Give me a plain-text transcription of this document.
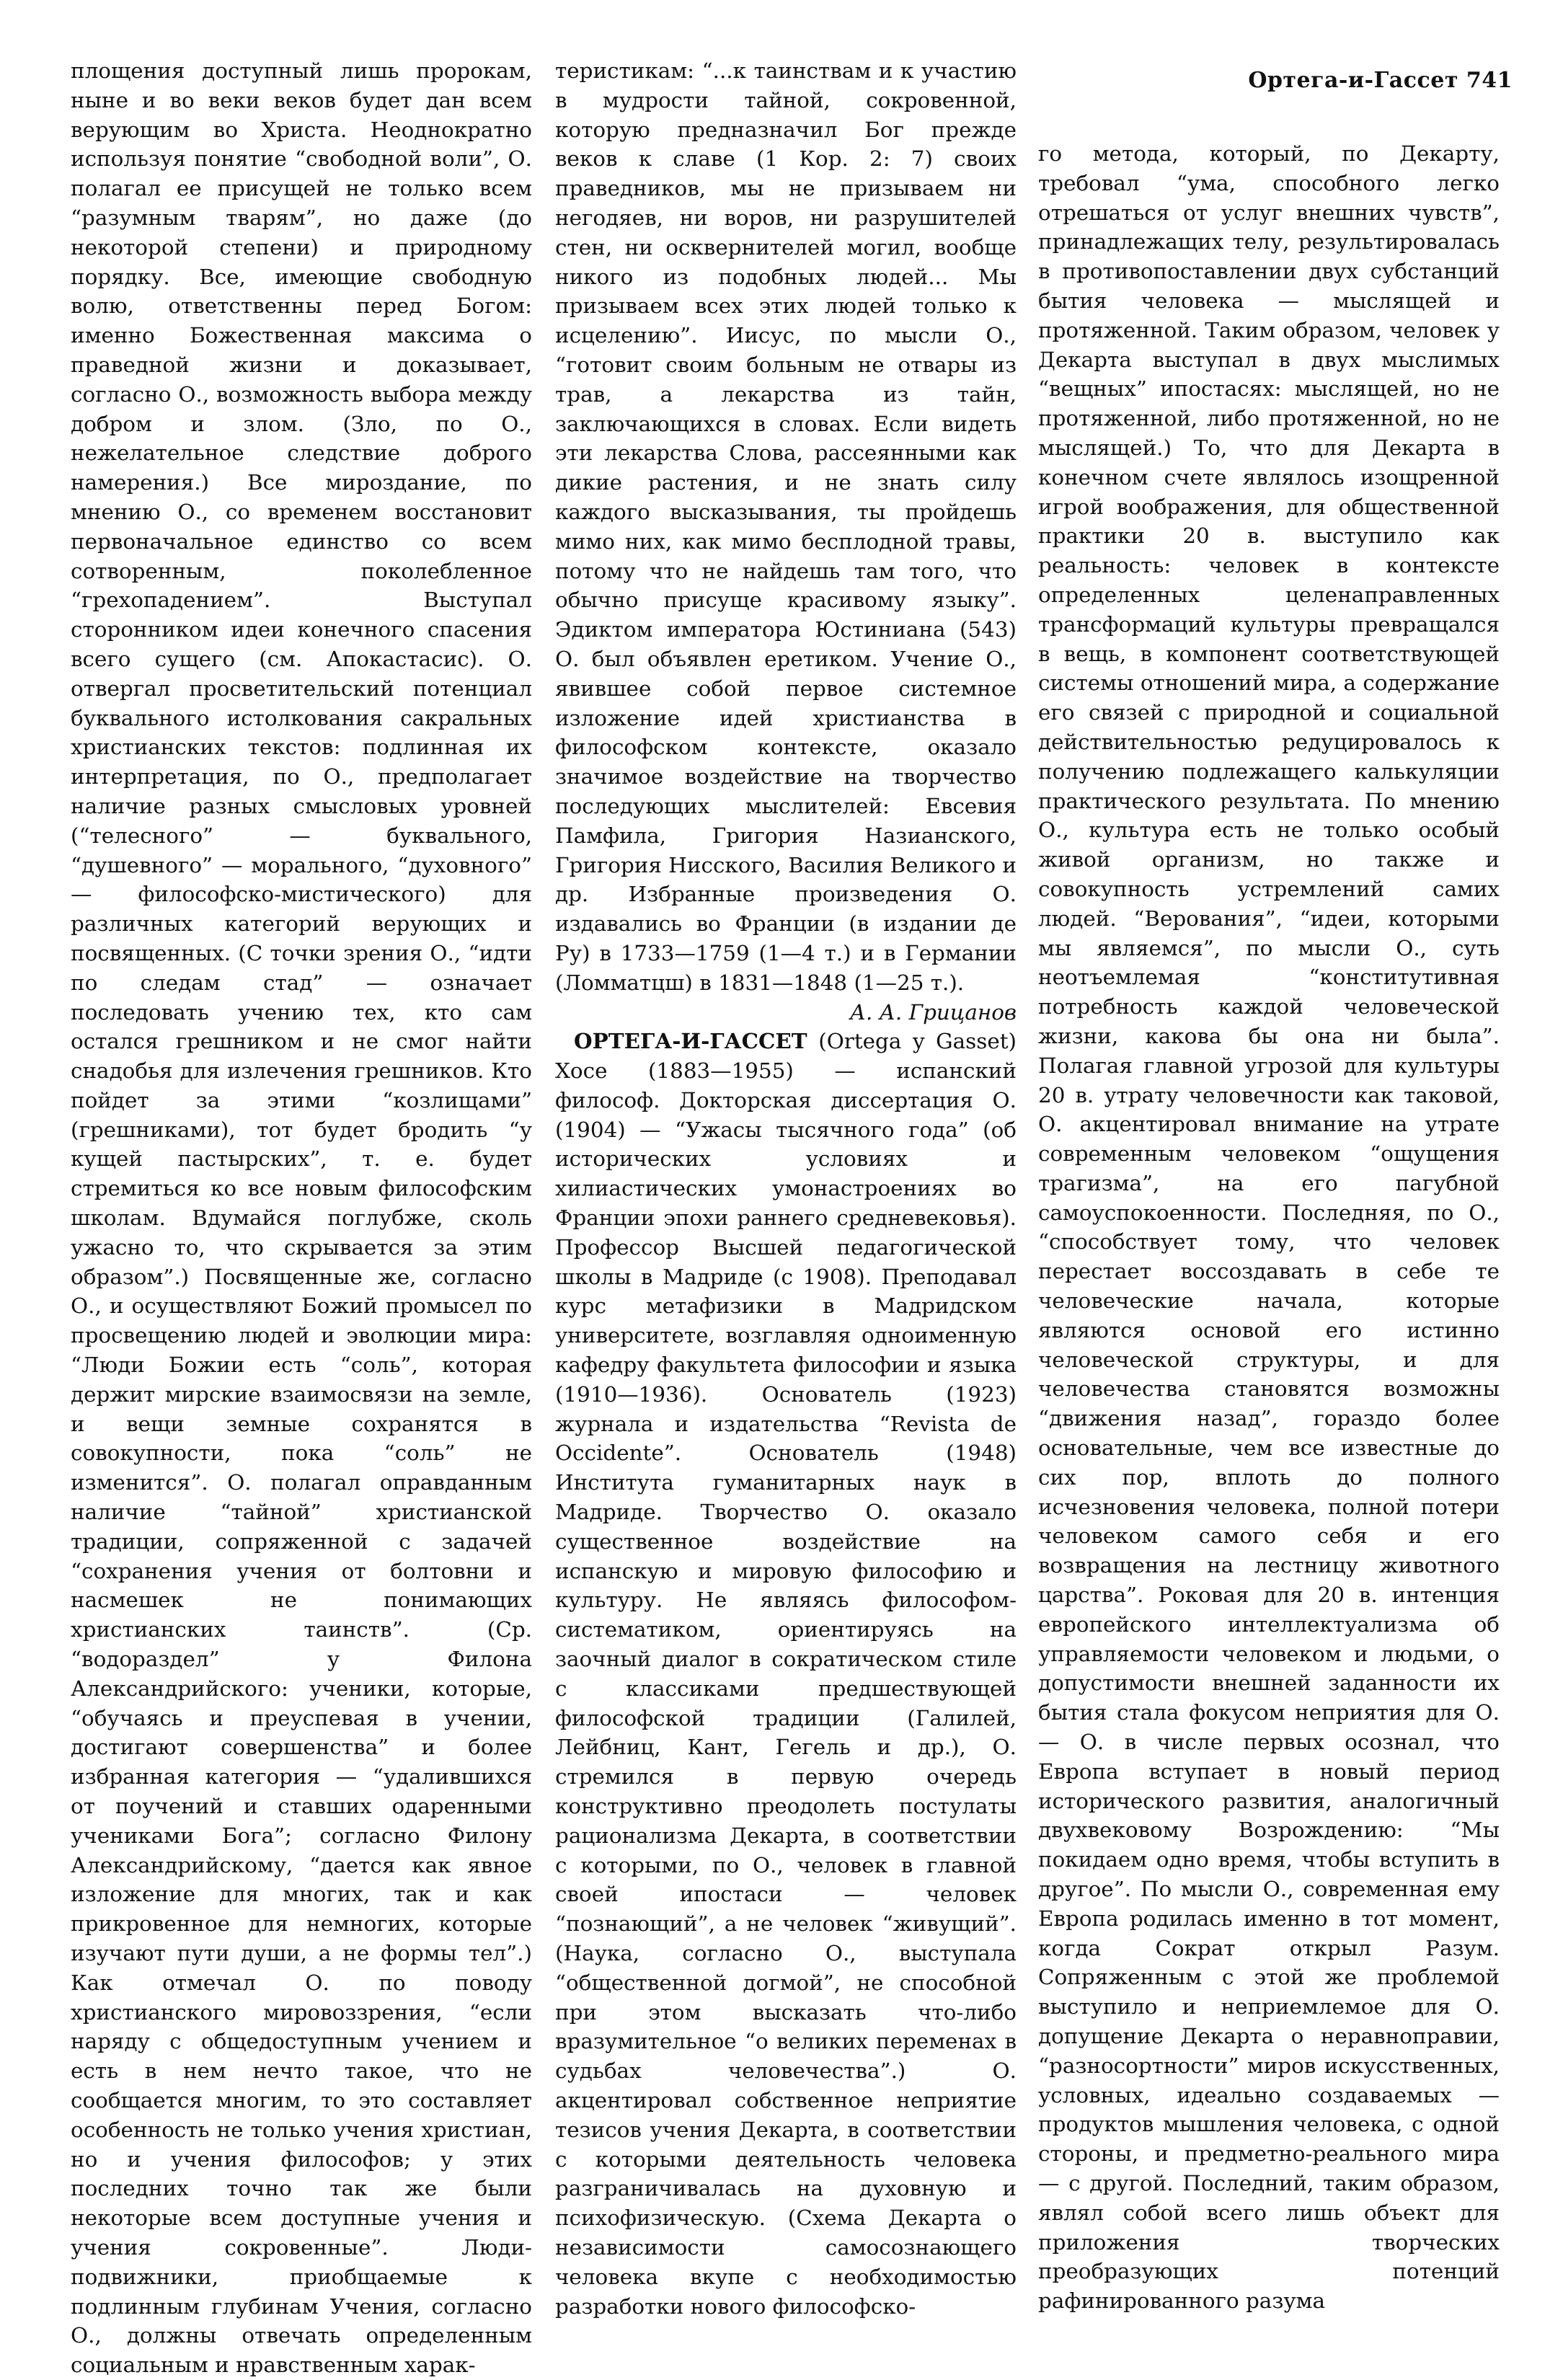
Ортега-и-Гассет 741

площения доступный лишь пророкам, ныне и во веки веков будет дан всем верующим во Христа. Неоднократно используя понятие “свободной воли”, О. полагал ее присущей не только всем “разумным тварям”, но даже (до некоторой степени) и природному порядку. Все, имеющие свободную волю, ответственны перед Богом: именно Божественная максима о праведной жизни и доказывает, согласно О., возможность выбора между добром и злом. (Зло, по О., нежелательное следствие доброго намерения.) Все мироздание, по мнению О., со временем восстановит первоначальное единство со всем сотворенным, поколебленное “грехопадением”. Выступал сторонником идеи конечного спасения всего сущего (см. Апокастасис). О. отвергал просветительский потенциал буквального истолкования сакральных христианских текстов: подлинная их интерпретация, по О., предполагает наличие разных смысловых уровней (“телесного” — буквального, “душевного” — морального, “духовного” — философско-мистического) для различных категорий верующих и посвященных. (С точки зрения О., “идти по следам стад” — означает последовать учению тех, кто сам остался грешником и не смог найти снадобья для излечения грешников. Кто пойдет за этими “козлищами” (грешниками), тот будет бродить “у кущей пастырских”, т. е. будет стремиться ко все новым философским школам. Вдумайся поглубже, сколь ужасно то, что скрывается за этим образом”.) Посвященные же, согласно О., и осуществляют Божий промысел по просвещению людей и эволюции мира: “Люди Божии есть “соль”, которая держит мирские взаимосвязи на земле, и вещи земные сохранятся в совокупности, пока “соль” не изменится”. О. полагал оправданным наличие “тайной” христианской традиции, сопряженной с задачей “сохранения учения от болтовни и насмешек не понимающих христианских таинств”. (Ср. “водораздел” у Филона Александрийского: ученики, которые, “обучаясь и преуспевая в учении, достигают совершенства” и более избранная категория — “удалившихся от поучений и ставших одаренными учениками Бога”; согласно Филону Александрийскому, “дается как явное изложение для многих, так и как прикровенное для немногих, которые изучают пути души, а не формы тел”.) Как отмечал О. по поводу христианского мировоззрения, “если наряду с общедоступным учением и есть в нем нечто такое, что не сообщается многим, то это составляет особенность не только учения христиан, но и учения философов; у этих последних точно так же были некоторые всем доступные учения и учения сокровенные”. Люди-подвижники, приобщаемые к подлинным глубинам Учения, согласно О., должны отвечать определенным социальным и нравственным харак-

теристикам: “...к таинствам и к участию в мудрости тайной, сокровенной, которую предназначил Бог прежде веков к славе (1 Кор. 2: 7) своих праведников, мы не призываем ни негодяев, ни воров, ни разрушителей стен, ни осквернителей могил, вообще никого из подобных людей... Мы призываем всех этих людей только к исцелению”. Иисус, по мысли О., “готовит своим больным не отвары из трав, а лекарства из тайн, заключающихся в словах. Если видеть эти лекарства Слова, рассеянными как дикие растения, и не знать силу каждого высказывания, ты пройдешь мимо них, как мимо бесплодной травы, потому что не найдешь там того, что обычно присуще красивому языку”. Эдиктом императора Юстиниана (543) О. был объявлен еретиком. Учение О., явившее собой первое системное изложение идей христианства в философском контексте, оказало значимое воздействие на творчество последующих мыслителей: Евсевия Памфила, Григория Назианского, Григория Нисского, Василия Великого и др. Избранные произведения О. издавались во Франции (в издании де Ру) в 1733—1759 (1—4 т.) и в Германии (Ломматцш) в 1831—1848 (1—25 т.).

А. А. Грицанов

ОРТЕГА-И-ГАССЕТ (Ortega y Gasset) Xoce (1883—1955) — испанский философ. Докторская диссертация О. (1904) — “Ужасы тысячного года” (об исторических условиях и хилиастических умонастроениях во Франции эпохи раннего средневековья). Профессор Высшей педагогической школы в Мадриде (с 1908). Преподавал курс метафизики в Мадридском университете, возглавляя одноименную кафедру факультета философии и языка (1910—1936). Основатель (1923) журнала и издательства “Revista de Occidente”. Основатель (1948) Института гуманитарных наук в Мадриде. Творчество О. оказало существенное воздействие на испанскую и мировую философию и культуру. Не являясь философом-систематиком, ориентируясь на заочный диалог в сократическом стиле с классиками предшествующей философской традиции (Галилей, Лейбниц, Кант, Гегель и др.), О. стремился в первую очередь конструктивно преодолеть постулаты рационализма Декарта, в соответствии с которыми, по О., человек в главной своей ипостаси — человек “познающий”, а не человек “живущий”. (Наука, согласно О., выступала “общественной догмой”, не способной при этом высказать что-либо вразумительное “о великих переменах в судьбах человечества”.) О. акцентировал собственное неприятие тезисов учения Декарта, в соответствии с которыми деятельность человека разграничивалась на духовную и психофизическую. (Схема Декарта о независимости самосознающего человека вкупе с необходимостью разработки нового философско-

го метода, который, по Декарту, требовал “ума, способного легко отрешаться от услуг внешних чувств”, принадлежащих телу, результировалась в противопоставлении двух субстанций бытия человека — мыслящей и протяженной. Таким образом, человек у Декарта выступал в двух мыслимых “вещных” ипостасях: мыслящей, но не протяженной, либо протяженной, но не мыслящей.) То, что для Декарта в конечном счете являлось изощренной игрой воображения, для общественной практики 20 в. выступило как реальность: человек в контексте определенных целенаправленных трансформаций культуры превращался в вещь, в компонент соответствующей системы отношений мира, а содержание его связей с природной и социальной действительностью редуцировалось к получению подлежащего калькуляции практического результата. По мнению О., культура есть не только особый живой организм, но также и совокупность устремлений самих людей. “Верования”, “идеи, которыми мы являемся”, по мысли О., суть неотъемлемая “конститутивная потребность каждой человеческой жизни, какова бы она ни была”. Полагая главной угрозой для культуры 20 в. утрату человечности как таковой, О. акцентировал внимание на утрате современным человеком “ощущения трагизма”, на его пагубной самоуспокоенности. Последняя, по О., “способствует тому, что человек перестает воссоздавать в себе те человеческие начала, которые являются основой его истинно человеческой структуры, и для человечества становятся возможны “движения назад”, гораздо более основательные, чем все известные до сих пор, вплоть до полного исчезновения человека, полной потери человеком самого себя и его возвращения на лестницу животного царства”. Роковая для 20 в. интенция европейского интеллектуализма об управляемости человеком и людьми, о допустимости внешней заданности их бытия стала фокусом неприятия для О. — О. в числе первых осознал, что Европа вступает в новый период исторического развития, аналогичный двухвековому Возрождению: “Мы покидаем одно время, чтобы вступить в другое”. По мысли О., современная ему Европа родилась именно в тот момент, когда Сократ открыл Разум. Сопряженным с этой же проблемой выступило и неприемлемое для О. допущение Декарта о неравноправии, “разносортности” миров искусственных, условных, идеально создаваемых — продуктов мышления человека, с одной стороны, и предметно-реального мира — с другой. Последний, таким образом, являл собой всего лишь объект для приложения творческих преобразующих потенций рафинированного разума
